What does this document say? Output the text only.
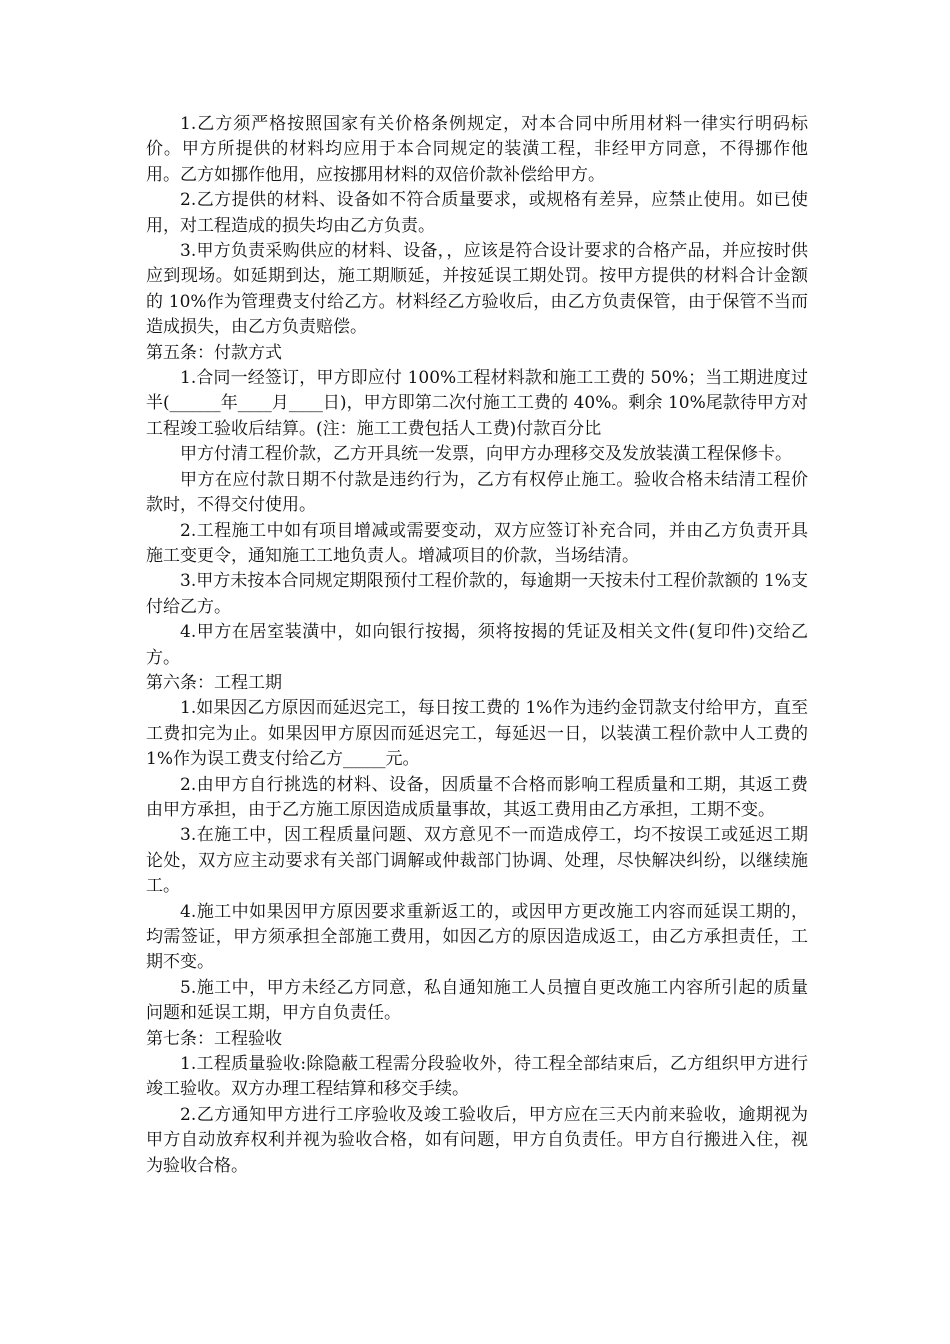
1.乙方须严格按照国家有关价格条例规定，对本合同中所用材料一律实行明码标价。甲方所提供的材料均应用于本合同规定的装潢工程，非经甲方同意，不得挪作他用。乙方如挪作他用，应按挪用材料的双倍价款补偿给甲方。

2.乙方提供的材料、设备如不符合质量要求，或规格有差异，应禁止使用。如已使用，对工程造成的损失均由乙方负责。

3.甲方负责采购供应的材料、设备，，应该是符合设计要求的合格产品，并应按时供应到现场。如延期到达，施工期顺延，并按延误工期处罚。按甲方提供的材料合计金额的 10%作为管理费支付给乙方。材料经乙方验收后，由乙方负责保管，由于保管不当而造成损失，由乙方负责赔偿。

第五条：付款方式

1.合同一经签订，甲方即应付 100%工程材料款和施工工费的 50%；当工期进度过半(______年____月____日)，甲方即第二次付施工工费的 40%。剩余 10%尾款待甲方对工程竣工验收后结算。(注：施工工费包括人工费)付款百分比

甲方付清工程价款，乙方开具统一发票，向甲方办理移交及发放装潢工程保修卡。

甲方在应付款日期不付款是违约行为，乙方有权停止施工。验收合格未结清工程价款时，不得交付使用。

2.工程施工中如有项目增减或需要变动，双方应签订补充合同，并由乙方负责开具施工变更令，通知施工工地负责人。增减项目的价款，当场结清。

3.甲方未按本合同规定期限预付工程价款的，每逾期一天按未付工程价款额的 1%支付给乙方。

4.甲方在居室装潢中，如向银行按揭，须将按揭的凭证及相关文件(复印件)交给乙方。

第六条：工程工期

1.如果因乙方原因而延迟完工，每日按工费的 1%作为违约金罚款支付给甲方，直至工费扣完为止。如果因甲方原因而延迟完工，每延迟一日，以装潢工程价款中人工费的 1%作为误工费支付给乙方_____元。

2.由甲方自行挑选的材料、设备，因质量不合格而影响工程质量和工期，其返工费由甲方承担，由于乙方施工原因造成质量事故，其返工费用由乙方承担，工期不变。

3.在施工中，因工程质量问题、双方意见不一而造成停工，均不按误工或延迟工期论处，双方应主动要求有关部门调解或仲裁部门协调、处理，尽快解决纠纷，以继续施工。

4.施工中如果因甲方原因要求重新返工的，或因甲方更改施工内容而延误工期的，均需签证，甲方须承担全部施工费用，如因乙方的原因造成返工，由乙方承担责任，工期不变。

5.施工中，甲方未经乙方同意，私自通知施工人员擅自更改施工内容所引起的质量问题和延误工期，甲方自负责任。

第七条：工程验收

1.工程质量验收:除隐蔽工程需分段验收外，待工程全部结束后，乙方组织甲方进行竣工验收。双方办理工程结算和移交手续。

2.乙方通知甲方进行工序验收及竣工验收后，甲方应在三天内前来验收，逾期视为甲方自动放弃权利并视为验收合格，如有问题，甲方自负责任。甲方自行搬进入住，视为验收合格。
